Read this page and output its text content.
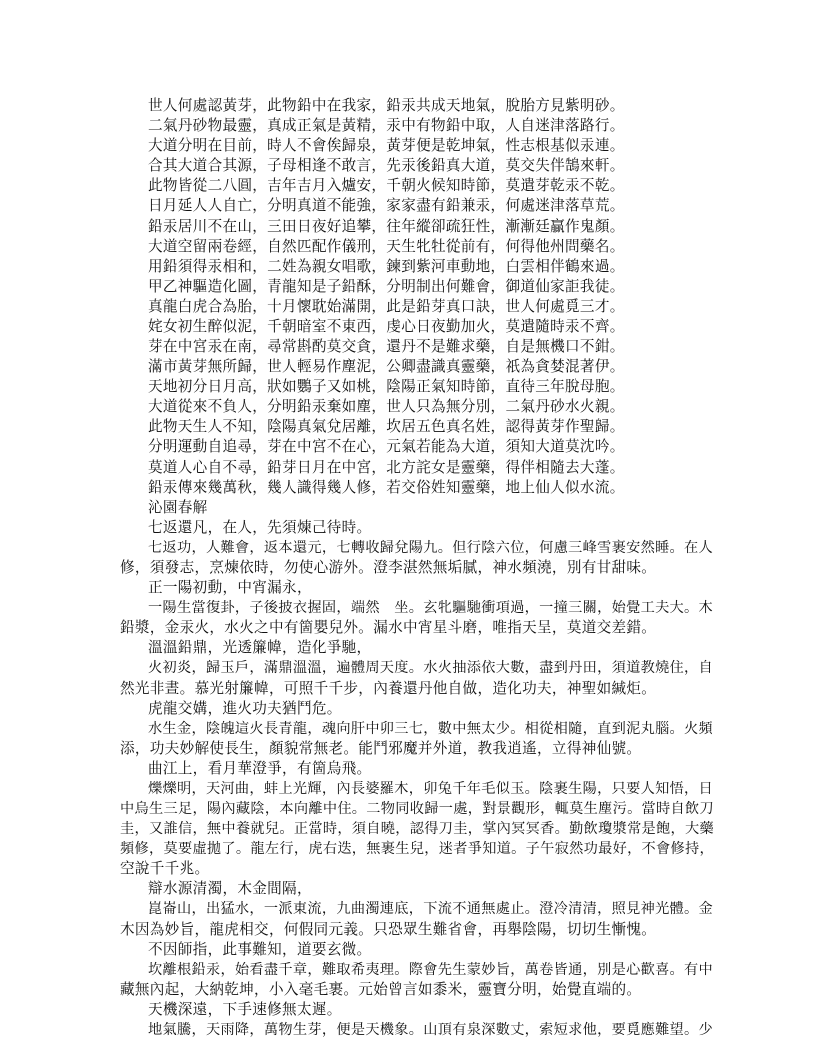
世人何處認黃芽，此物鉛中在我家，鉛汞共成天地氣，脫胎方見紫明砂。
二氣丹砂物最靈，真成正氣是黃精，汞中有物鉛中取，人自迷津落路行。
大道分明在目前，時人不會俟歸泉，黃芽便是乾坤氣，性志根基似汞連。
合其大道合其源，子母相逢不敢言，先汞後鉛真大道，莫交失伴鵠來軒。
此物皆從二八圓，吉年吉月入爐安，千朝火候知時節，莫遣芽乾汞不乾。
日月延人人自亡，分明真道不能強，家家盡有鉛兼汞，何處迷津落草荒。
鉛汞居川不在山，三田日夜好追攀，往年縱卻疏狂性，漸漸廷贏作鬼顏。
大道空留兩卷經，自然匹配作儀刑，天生牝牡從前有，何得他州問藥名。
用鉛須得汞相和，二姓為親女唱歌，鍊到紫河車動地，白雲相伴鶴來過。
甲乙神驅造化圖，青龍知是子鉛酥，分明制出何難會，御道仙家詎我徒。
真龍白虎合為胎，十月懷耽始滿開，此是鉛芽真口訣，世人何處覓三才。
姹女初生醉似泥，千朝暗室不東西，虔心日夜勤加火，莫遣隨時汞不齊。
芽在中宮汞在南，尋常斟酌莫交貪，還丹不是難求藥，自是無機口不鉗。
滿市黃芽無所歸，世人輕易作塵泥，公卿盡識真靈藥，祇為貪婪混著伊。
天地初分日月高，狀如鸚子又如桃，陰陽正氣知時節，直待三年脫母胞。
大道從來不負人，分明鉛汞棄如塵，世人只為無分別，二氣丹砂水火親。
此物天生人不知，陰陽真氣兌居離，坎居五色真名姓，認得黃芽作聖歸。
分明運動自追尋，芽在中宮不在心，元氣若能為大道，須知大道莫沈吟。
莫道人心自不尋，鉛芽日月在中宮，北方詫女是靈藥，得伴相隨去大蓬。
鉛汞傳來幾萬秋，幾人識得幾人修，若交俗姓知靈藥，地上仙人似水流。
沁園春解
七返還凡，在人，先須煉己待時。
七返功，人難會，返本還元，七轉收歸兌陽九。但行陰六位，何慮三峰雪裹安然睡。在人
修，須發志，烹煉依時，勿使心游外。澄李湛然無垢膩，神水頻澆，別有甘甜味。
正一陽初動，中宵漏永，
一陽生當復卦，子後披衣握固，端然　坐。玄牝驅馳衝項過，一撞三關，始覺工夫大。木
鉛漿，金汞火，水火之中有箇嬰兒外。漏水中宵星斗磨，唯指天呈，莫道交差錯。
溫溫鉛鼎，光透簾幃，造化爭馳，
火初炎，歸玉戶，滿鼎溫溫，遍體周天度。水火抽添依大數，盡到丹田，須道教燒住，自
然光非晝。慕光射簾幃，可照千千步，內養還丹他自做，造化功夫，神聖如緘炬。
虎龍交媾，進火功夫猶鬥危。
水生金，陰魄這火長青龍，魂向肝中卯三七，數中無太少。相從相隨，直到泥丸腦。火頻
添，功夫妙解使長生，顏貌常無老。能鬥邪魔并外道，教我逍遙，立得神仙號。
曲江上，看月華澄爭，有箇烏飛。
爍爍明，天河曲，蚌上光輝，內長婆羅木，卯兔千年毛似玉。陰裹生陽，只要人知悟，日
中烏生三足，陽內藏陰，本向離中住。二物同收歸一處，對景觀形，輒莫生塵污。當時自飲刀
圭，又誰信，無中養就兒。正當時，須自曉，認得刀圭，掌內冥冥香。勤飲瓊漿常是飽，大藥
頻修，莫要虛拋了。龍左行，虎右迭，無裹生兒，迷者爭知道。子午寂然功最好，不會修持，
空說千千兆。
辯水源清濁，木金間隔，
崑崙山，出猛水，一派東流，九曲濁連底，下流不通無處止。澄冷清清，照見神光體。金
木因為妙旨，龍虎相交，何假同元義。只恐眾生難省會，再舉陰陽，切切生慚愧。
不因師指，此事難知，道要玄微。
坎離根鉛汞，始看盡千章，難取希夷理。際會先生蒙妙旨，萬卷皆通，別是心歡喜。有中
藏無內起，大納乾坤，小入毫毛裹。元始曾言如黍米，靈寶分明，始覺直端的。
天機深遠，下手速修無太遲。
地氣騰，天雨降，萬物生芽，便是天機象。山頂有泉深數丈，索短求他，要覓應難望。少
